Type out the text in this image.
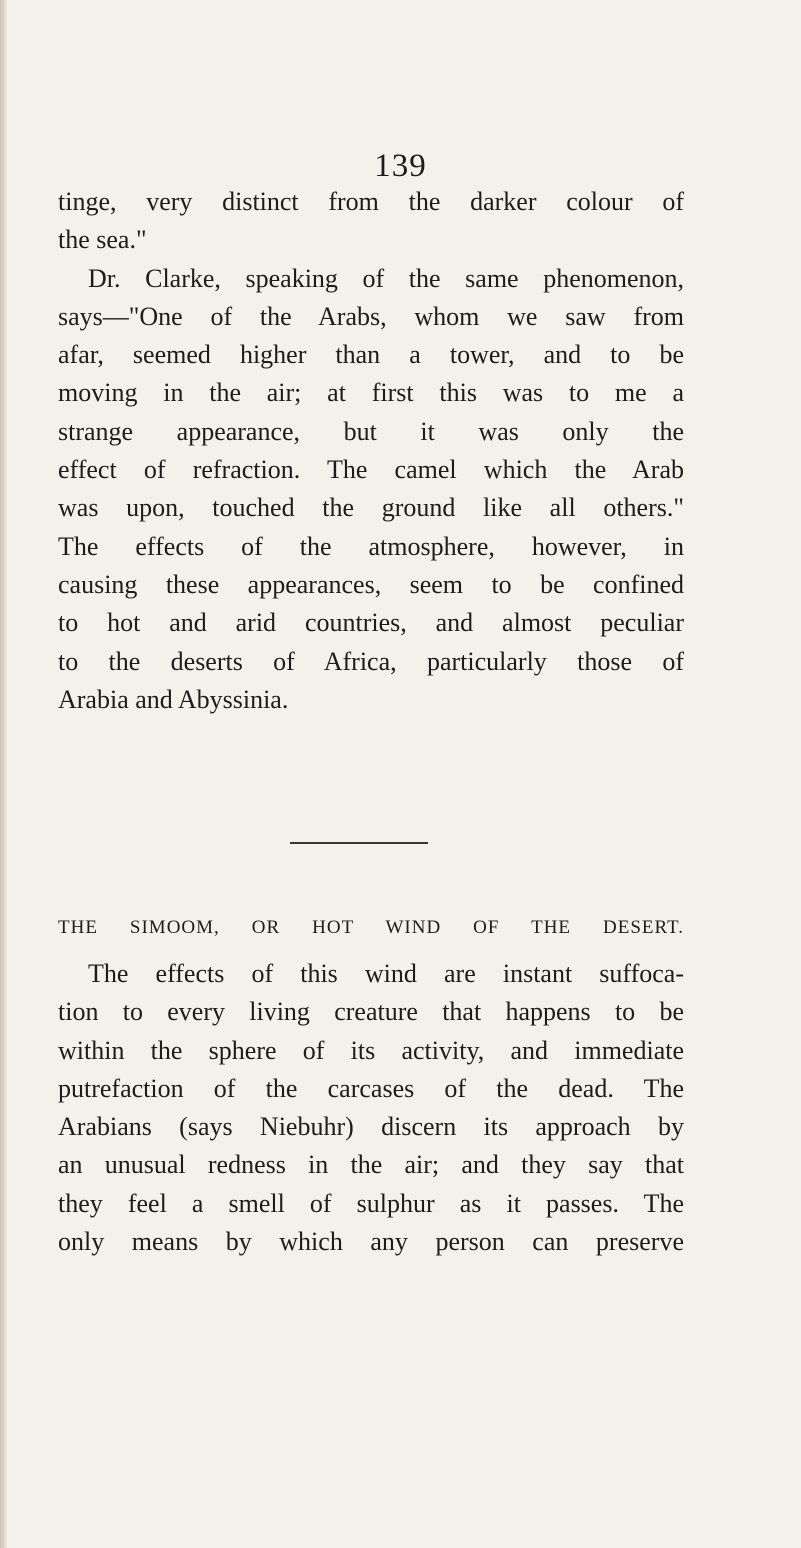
139
tinge, very distinct from the darker colour of
the sea."
Dr. Clarke, speaking of the same phenomenon,
says—"One of the Arabs, whom we saw from
afar, seemed higher than a tower, and to be
moving in the air; at first this was to me a
strange appearance, but it was only the
effect of refraction. The camel which the Arab
was upon, touched the ground like all others."
The effects of the atmosphere, however, in
causing these appearances, seem to be confined
to hot and arid countries, and almost peculiar
to the deserts of Africa, particularly those of
Arabia and Abyssinia.
THE SIMOOM, OR HOT WIND OF THE DESERT.
The effects of this wind are instant suffoca-
tion to every living creature that happens to be
within the sphere of its activity, and immediate
putrefaction of the carcases of the dead. The
Arabians (says Niebuhr) discern its approach by
an unusual redness in the air; and they say that
they feel a smell of sulphur as it passes. The
only means by which any person can preserve
